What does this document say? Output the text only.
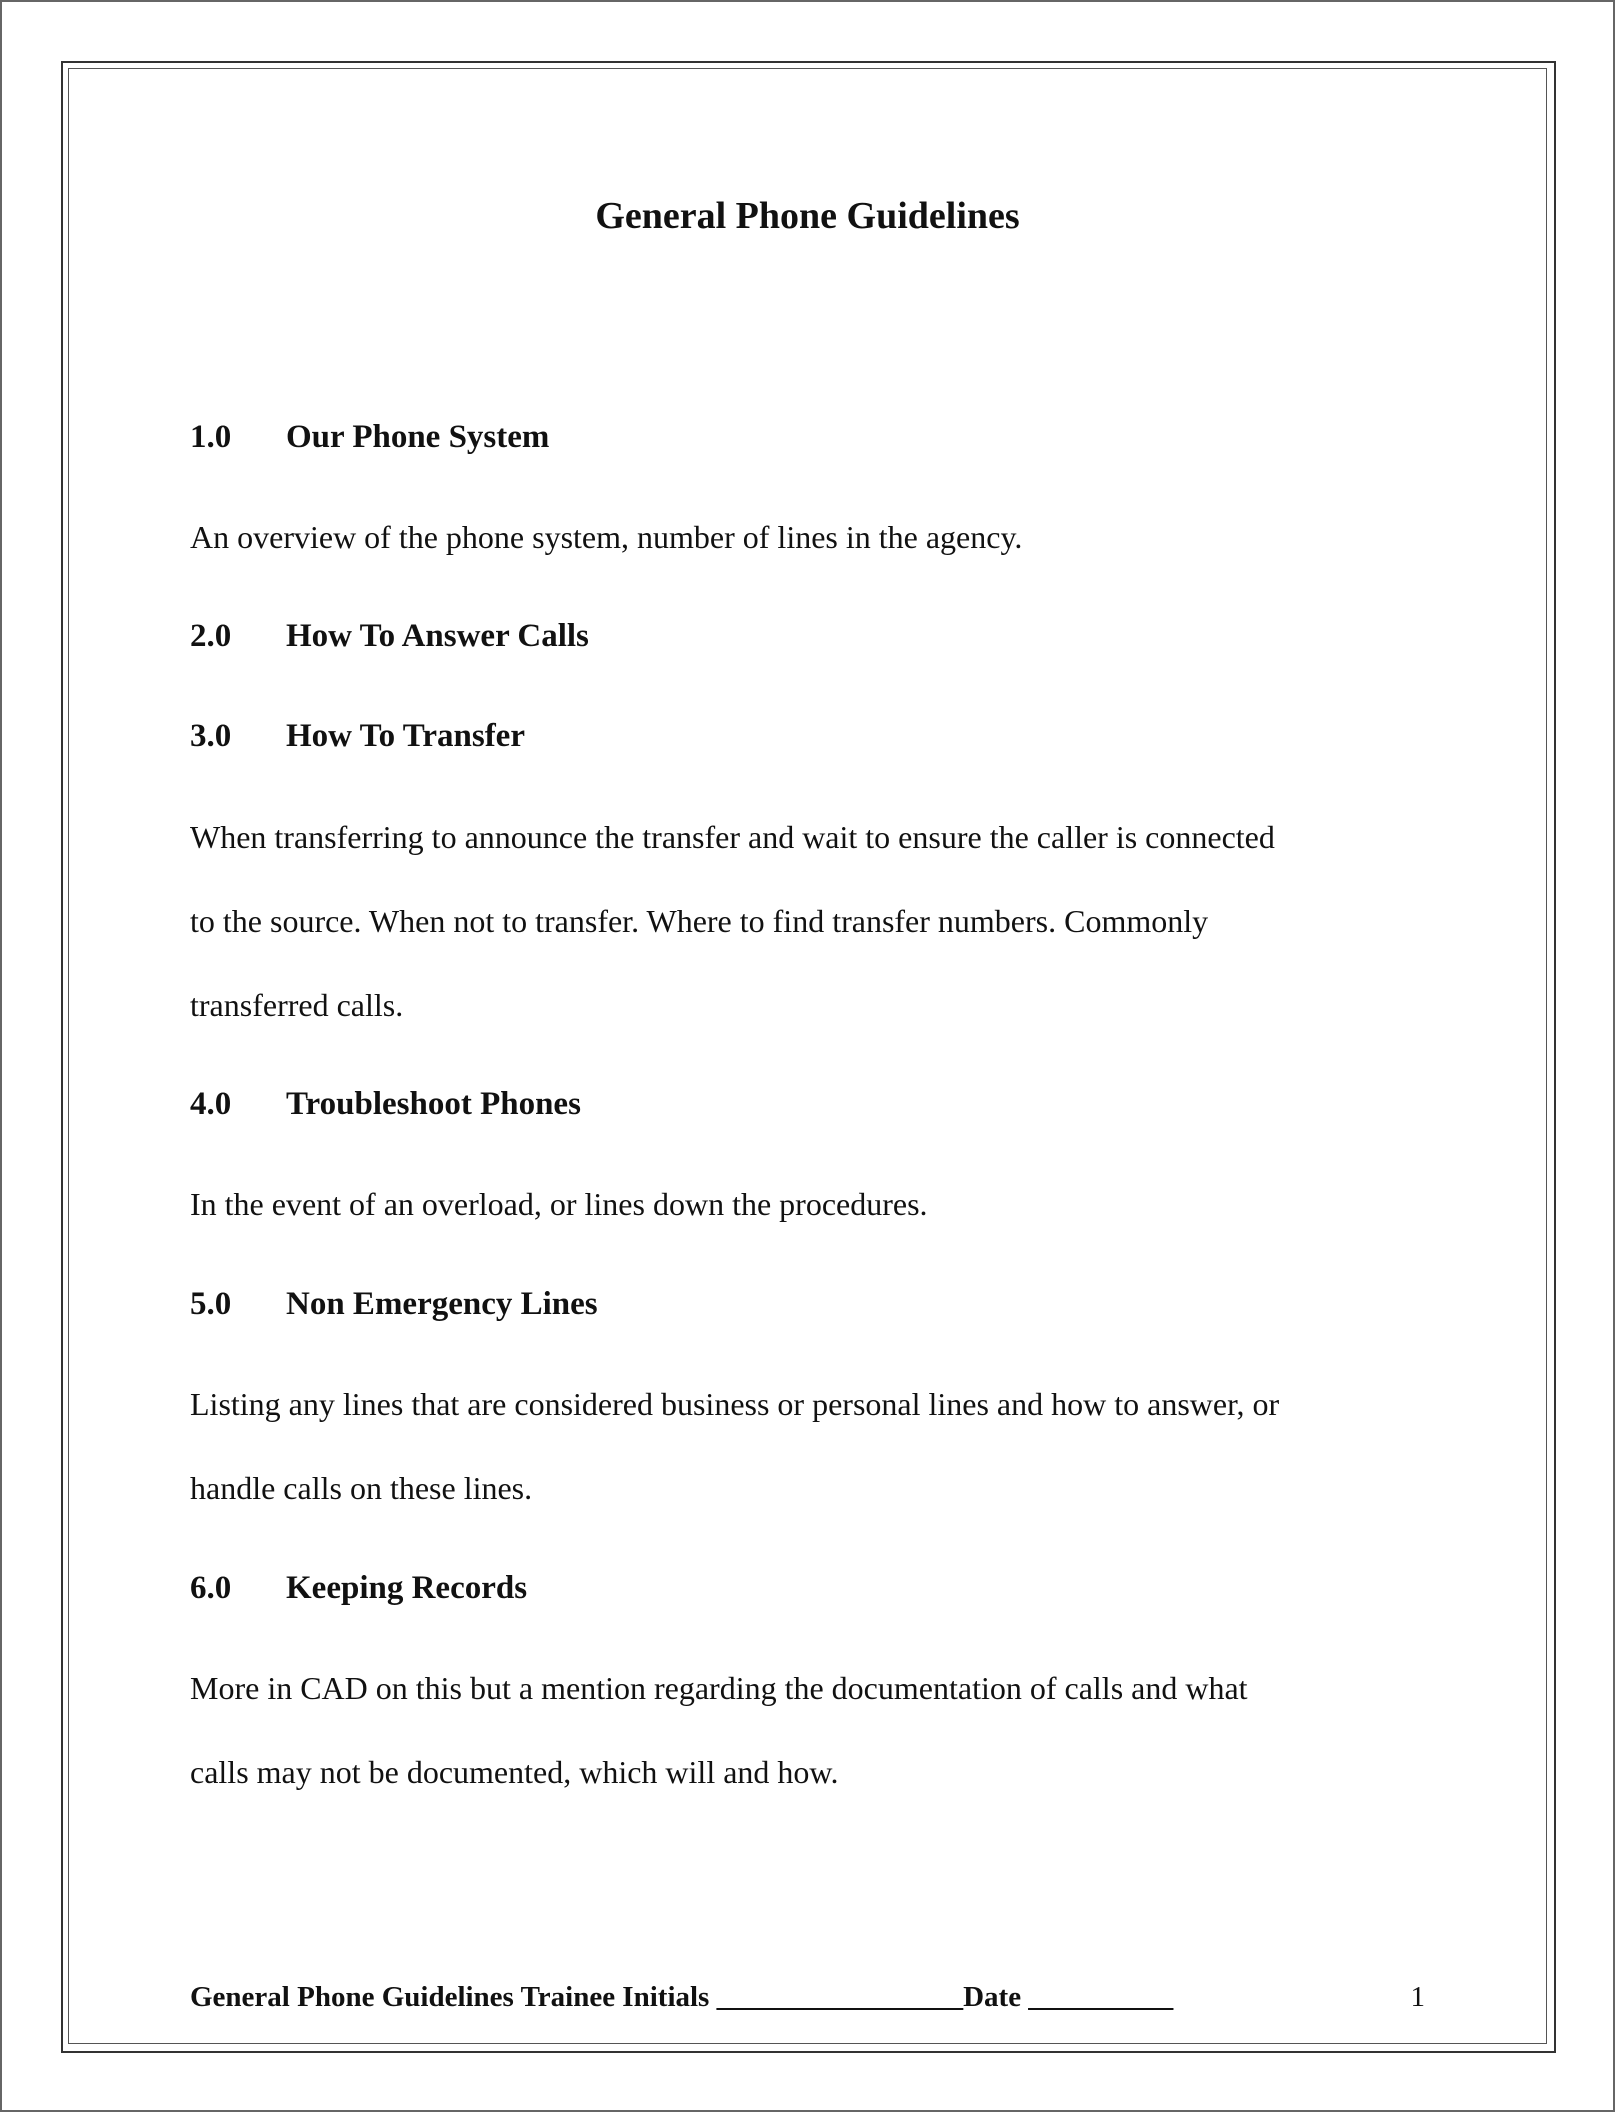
General Phone Guidelines
1.0 Our Phone System
An overview of the phone system, number of lines in the agency.
2.0 How To Answer Calls
3.0 How To Transfer
When transferring to announce the transfer and wait to ensure the caller is connected
to the source. When not to transfer. Where to find transfer numbers. Commonly
transferred calls.
4.0 Troubleshoot Phones
In the event of an overload, or lines down the procedures.
5.0 Non Emergency Lines
Listing any lines that are considered business or personal lines and how to answer, or
handle calls on these lines.
6.0 Keeping Records
More in CAD on this but a mention regarding the documentation of calls and what
calls may not be documented, which will and how.
General Phone Guidelines Trainee Initials _________________Date __________	1
